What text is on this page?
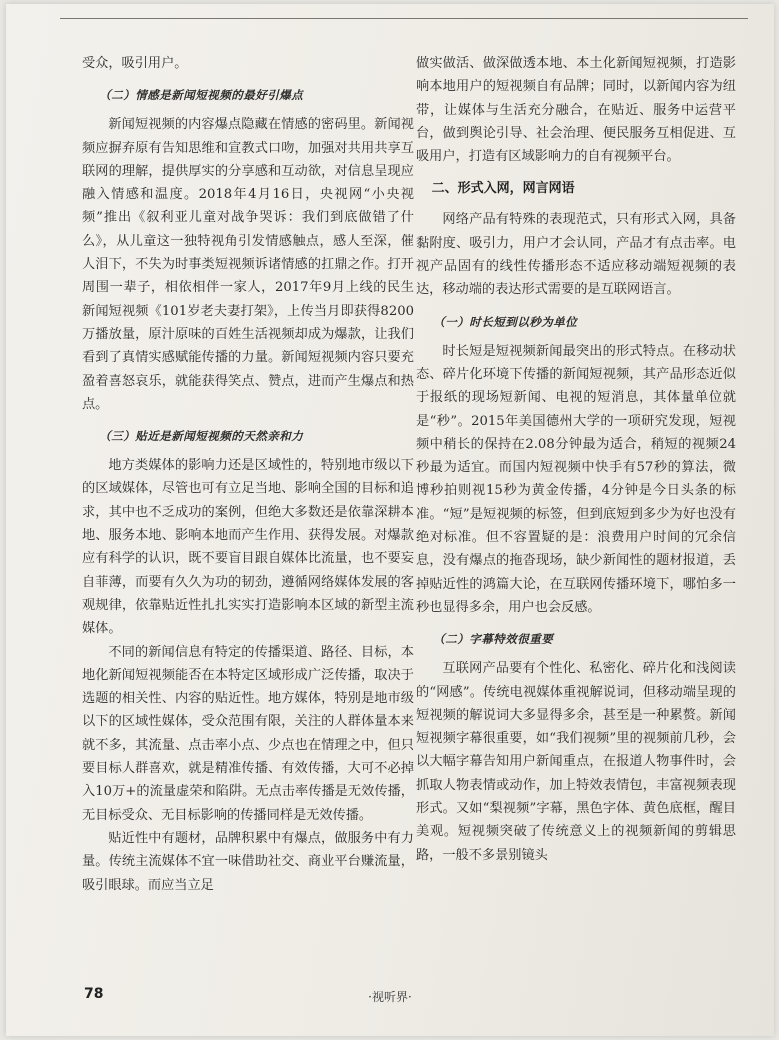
受众，吸引用户。

（二）情感是新闻短视频的最好引爆点

新闻短视频的内容爆点隐藏在情感的密码里。新闻视频应摒弃原有告知思维和宣教式口吻，加强对共用共享互联网的理解，提供厚实的分享感和互动欲，对信息呈现应融入情感和温度。2018年4月16日，央视网“小央视频”推出《叙利亚儿童对战争哭诉：我们到底做错了什么》，从儿童这一独特视角引发情感触点，感人至深，催人泪下，不失为时事类短视频诉诸情感的扛鼎之作。打开周围一辈子，相依相伴一家人，2017年9月上线的民生新闻短视频《101岁老夫妻打架》，上传当月即获得8200万播放量，原汁原味的百姓生活视频却成为爆款，让我们看到了真情实感赋能传播的力量。新闻短视频内容只要充盈着喜怒哀乐，就能获得笑点、赞点，进而产生爆点和热点。

（三）贴近是新闻短视频的天然亲和力

地方类媒体的影响力还是区域性的，特别地市级以下的区域媒体，尽管也可有立足当地、影响全国的目标和追求，其中也不乏成功的案例，但绝大多数还是依靠深耕本地、服务本地、影响本地而产生作用、获得发展。对爆款应有科学的认识，既不要盲目跟自媒体比流量，也不要妄自菲薄，而要有久久为功的韧劲，遵循网络媒体发展的客观规律，依靠贴近性扎扎实实打造影响本区域的新型主流媒体。

不同的新闻信息有特定的传播渠道、路径、目标，本地化新闻短视频能否在本特定区域形成广泛传播，取决于选题的相关性、内容的贴近性。地方媒体，特别是地市级以下的区域性媒体，受众范围有限，关注的人群体量本来就不多，其流量、点击率小点、少点也在情理之中，但只要目标人群喜欢，就是精准传播、有效传播，大可不必掉入10万+的流量虚荣和陷阱。无点击率传播是无效传播，无目标受众、无目标影响的传播同样是无效传播。

贴近性中有题材，品牌积累中有爆点，做服务中有力量。传统主流媒体不宜一味借助社交、商业平台赚流量，吸引眼球。而应当立足

做实做活、做深做透本地、本土化新闻短视频，打造影响本地用户的短视频自有品牌；同时，以新闻内容为纽带，让媒体与生活充分融合，在贴近、服务中运营平台，做到舆论引导、社会治理、便民服务互相促进、互吸用户，打造有区域影响力的自有视频平台。

二、形式入网，网言网语

网络产品有特殊的表现范式，只有形式入网，具备黏附度、吸引力，用户才会认同，产品才有点击率。电视产品固有的线性传播形态不适应移动端短视频的表达，移动端的表达形式需要的是互联网语言。

（一）时长短到以秒为单位

时长短是短视频新闻最突出的形式特点。在移动状态、碎片化环境下传播的新闻短视频，其产品形态近似于报纸的现场短新闻、电视的短消息，其体量单位就是“秒”。2015年美国德州大学的一项研究发现，短视频中稍长的保持在2.08分钟最为适合，稍短的视频24秒最为适宜。而国内短视频中快手有57秒的算法，微博秒拍则视15秒为黄金传播，4分钟是今日头条的标准。“短”是短视频的标签，但到底短到多少为好也没有绝对标准。但不容置疑的是：浪费用户时间的冗余信息，没有爆点的拖沓现场，缺少新闻性的题材报道，丢掉贴近性的鸿篇大论，在互联网传播环境下，哪怕多一秒也显得多余，用户也会反感。

（二）字幕特效很重要

互联网产品要有个性化、私密化、碎片化和浅阅读的“网感”。传统电视媒体重视解说词，但移动端呈现的短视频的解说词大多显得多余，甚至是一种累赘。新闻短视频字幕很重要，如“我们视频”里的视频前几秒，会以大幅字幕告知用户新闻重点，在报道人物事件时，会抓取人物表情或动作，加上特效表情包，丰富视频表现形式。又如“梨视频”字幕，黑色字体、黄色底框，醒目美观。短视频突破了传统意义上的视频新闻的剪辑思路，一般不多景别镜头

78	·视听界·
